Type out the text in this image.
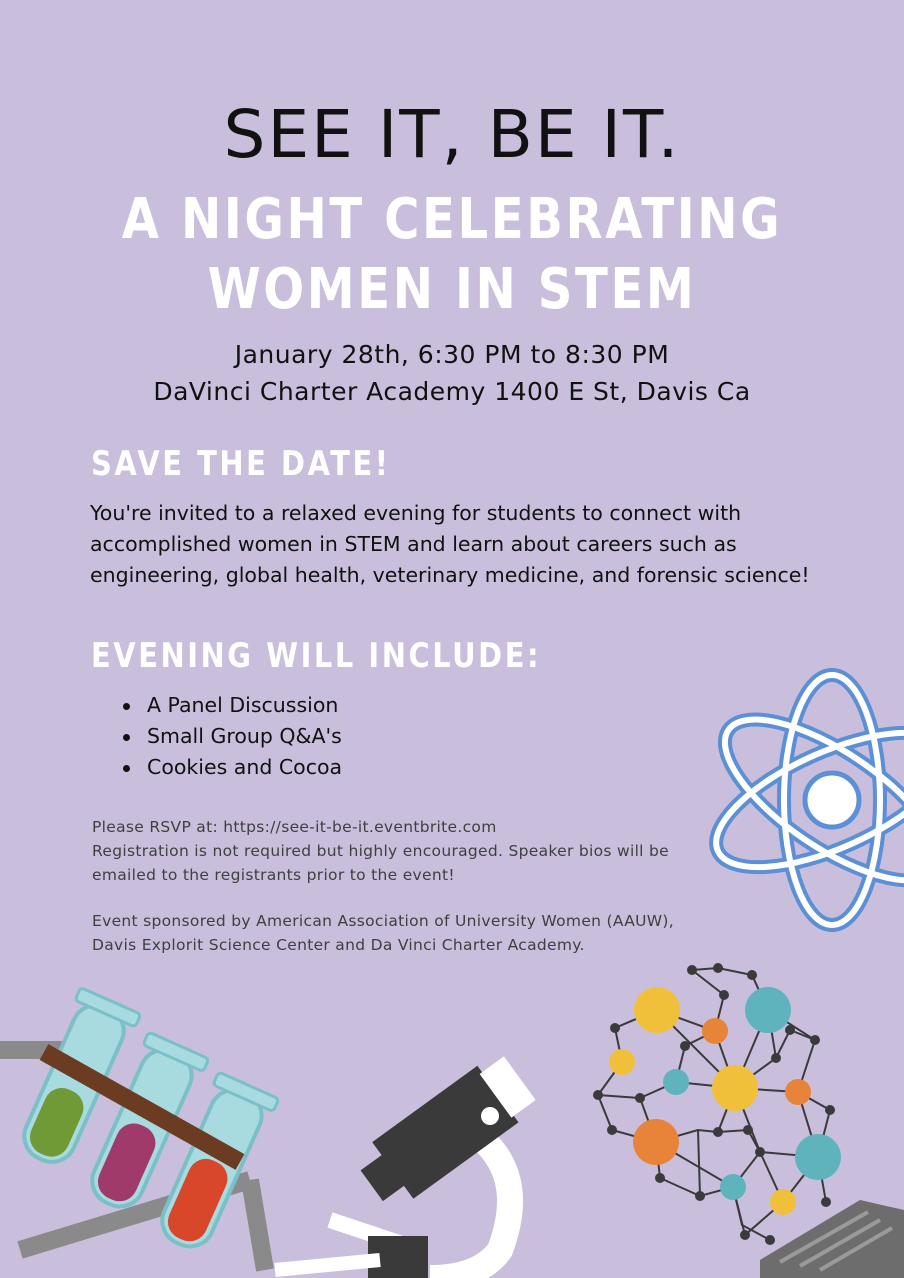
SEE IT, BE IT.
A NIGHT CELEBRATING
WOMEN IN STEM
January 28th, 6:30 PM to 8:30 PM
DaVinci Charter Academy 1400 E St, Davis Ca
SAVE THE DATE!
You're invited to a relaxed evening for students to connect with accomplished women in STEM and learn about careers such as engineering, global health, veterinary medicine, and forensic science!
EVENING WILL INCLUDE:
A Panel Discussion
Small Group Q&A's
Cookies and Cocoa
Please RSVP at: https://see-it-be-it.eventbrite.com
Registration is not required but highly encouraged. Speaker bios will be emailed to the registrants prior to the event!
Event sponsored by American Association of University Women (AAUW), Davis Explorit Science Center and Da Vinci Charter Academy.
